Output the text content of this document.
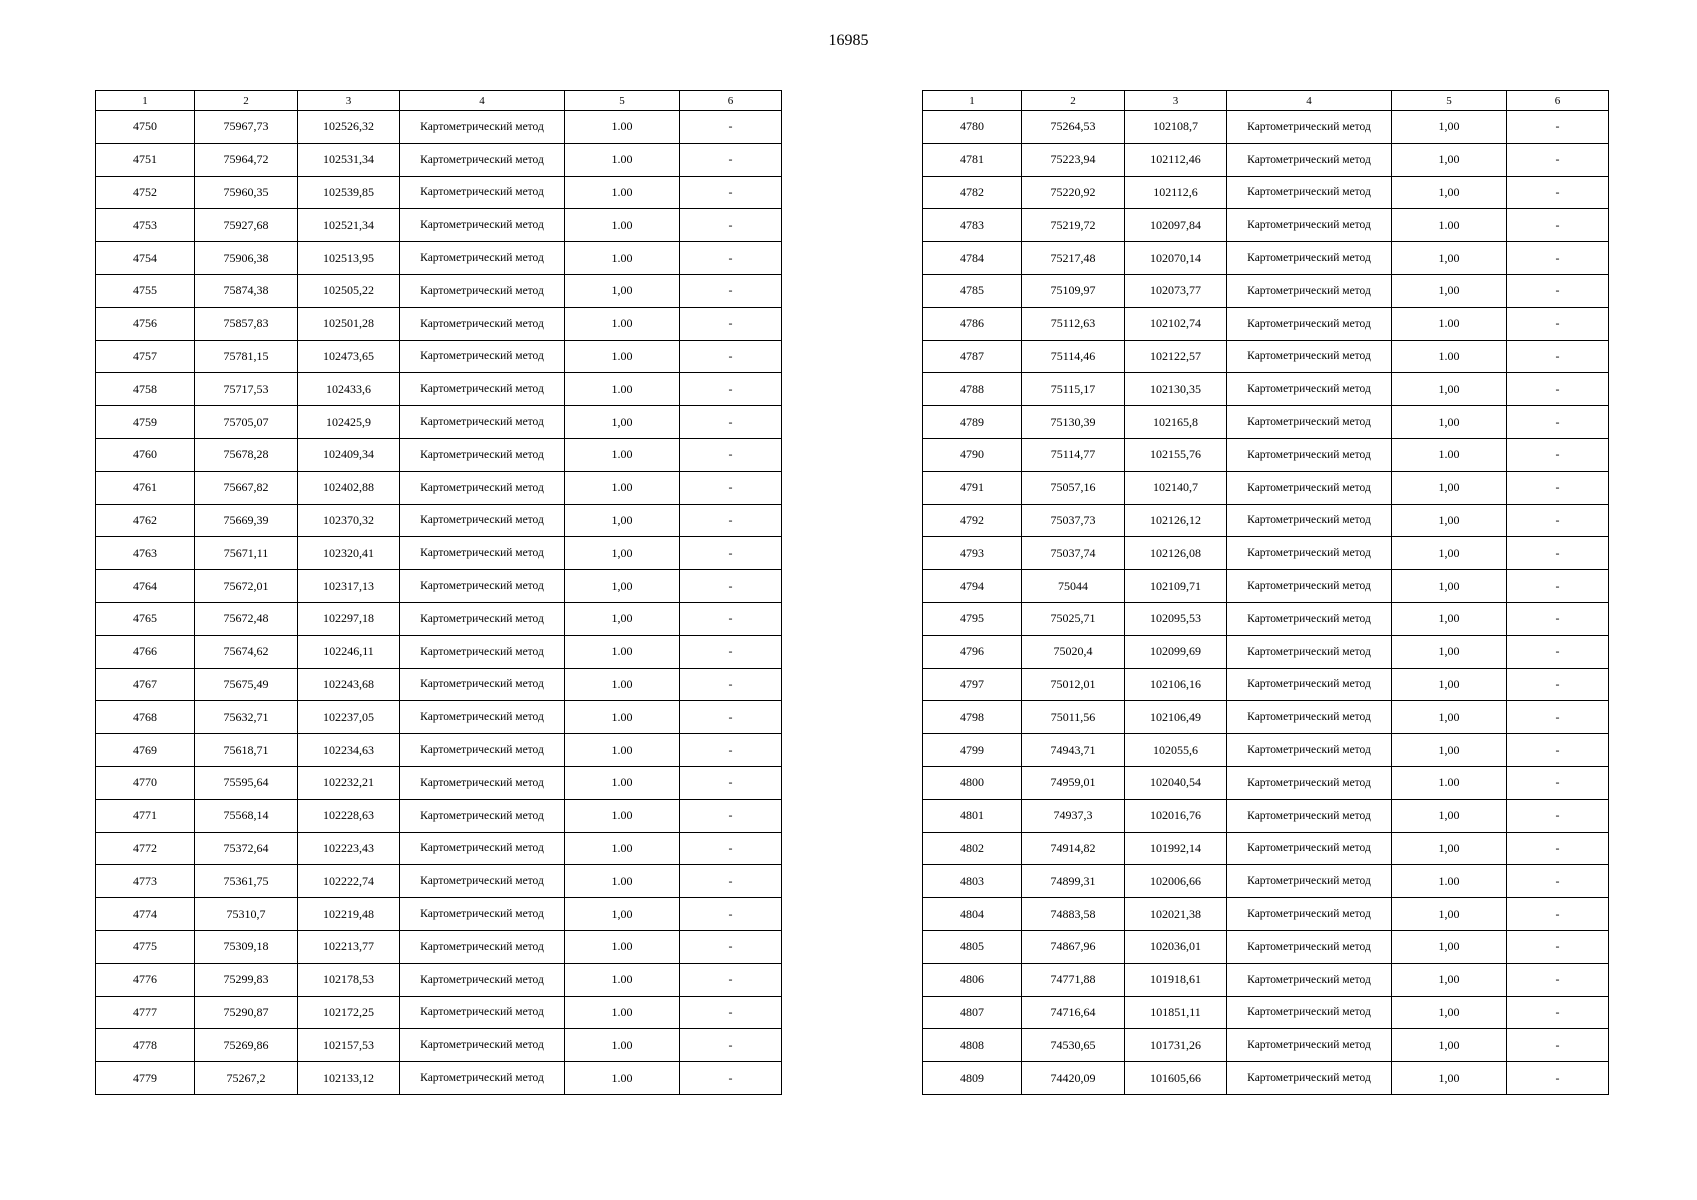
16985
1	2	3	4	5	6
4750	75967,73	102526,32	Картометрический метод	1.00	-
4751	75964,72	102531,34	Картометрический метод	1.00	-
4752	75960,35	102539,85	Картометрический метод	1.00	-
4753	75927,68	102521,34	Картометрический метод	1.00	-
4754	75906,38	102513,95	Картометрический метод	1.00	-
4755	75874,38	102505,22	Картометрический метод	1,00	-
4756	75857,83	102501,28	Картометрический метод	1.00	-
4757	75781,15	102473,65	Картометрический метод	1.00	-
4758	75717,53	102433,6	Картометрический метод	1.00	-
4759	75705,07	102425,9	Картометрический метод	1,00	-
4760	75678,28	102409,34	Картометрический метод	1.00	-
4761	75667,82	102402,88	Картометрический метод	1.00	-
4762	75669,39	102370,32	Картометрический метод	1,00	-
4763	75671,11	102320,41	Картометрический метод	1,00	-
4764	75672,01	102317,13	Картометрический метод	1,00	-
4765	75672,48	102297,18	Картометрический метод	1,00	-
4766	75674,62	102246,11	Картометрический метод	1.00	-
4767	75675,49	102243,68	Картометрический метод	1.00	-
4768	75632,71	102237,05	Картометрический метод	1.00	-
4769	75618,71	102234,63	Картометрический метод	1.00	-
4770	75595,64	102232,21	Картометрический метод	1.00	-
4771	75568,14	102228,63	Картометрический метод	1.00	-
4772	75372,64	102223,43	Картометрический метод	1.00	-
4773	75361,75	102222,74	Картометрический метод	1.00	-
4774	75310,7	102219,48	Картометрический метод	1,00	-
4775	75309,18	102213,77	Картометрический метод	1.00	-
4776	75299,83	102178,53	Картометрический метод	1.00	-
4777	75290,87	102172,25	Картометрический метод	1.00	-
4778	75269,86	102157,53	Картометрический метод	1.00	-
4779	75267,2	102133,12	Картометрический метод	1.00	-
1	2	3	4	5	6
4780	75264,53	102108,7	Картометрический метод	1,00	-
4781	75223,94	102112,46	Картометрический метод	1,00	-
4782	75220,92	102112,6	Картометрический метод	1,00	-
4783	75219,72	102097,84	Картометрический метод	1.00	-
4784	75217,48	102070,14	Картометрический метод	1,00	-
4785	75109,97	102073,77	Картометрический метод	1,00	-
4786	75112,63	102102,74	Картометрический метод	1.00	-
4787	75114,46	102122,57	Картометрический метод	1.00	-
4788	75115,17	102130,35	Картометрический метод	1,00	-
4789	75130,39	102165,8	Картометрический метод	1,00	-
4790	75114,77	102155,76	Картометрический метод	1.00	-
4791	75057,16	102140,7	Картометрический метод	1,00	-
4792	75037,73	102126,12	Картометрический метод	1,00	-
4793	75037,74	102126,08	Картометрический метод	1,00	-
4794	75044	102109,71	Картометрический метод	1,00	-
4795	75025,71	102095,53	Картометрический метод	1,00	-
4796	75020,4	102099,69	Картометрический метод	1,00	-
4797	75012,01	102106,16	Картометрический метод	1,00	-
4798	75011,56	102106,49	Картометрический метод	1,00	-
4799	74943,71	102055,6	Картометрический метод	1,00	-
4800	74959,01	102040,54	Картометрический метод	1.00	-
4801	74937,3	102016,76	Картометрический метод	1,00	-
4802	74914,82	101992,14	Картометрический метод	1,00	-
4803	74899,31	102006,66	Картометрический метод	1.00	-
4804	74883,58	102021,38	Картометрический метод	1,00	-
4805	74867,96	102036,01	Картометрический метод	1,00	-
4806	74771,88	101918,61	Картометрический метод	1,00	-
4807	74716,64	101851,11	Картометрический метод	1,00	-
4808	74530,65	101731,26	Картометрический метод	1,00	-
4809	74420,09	101605,66	Картометрический метод	1,00	-
